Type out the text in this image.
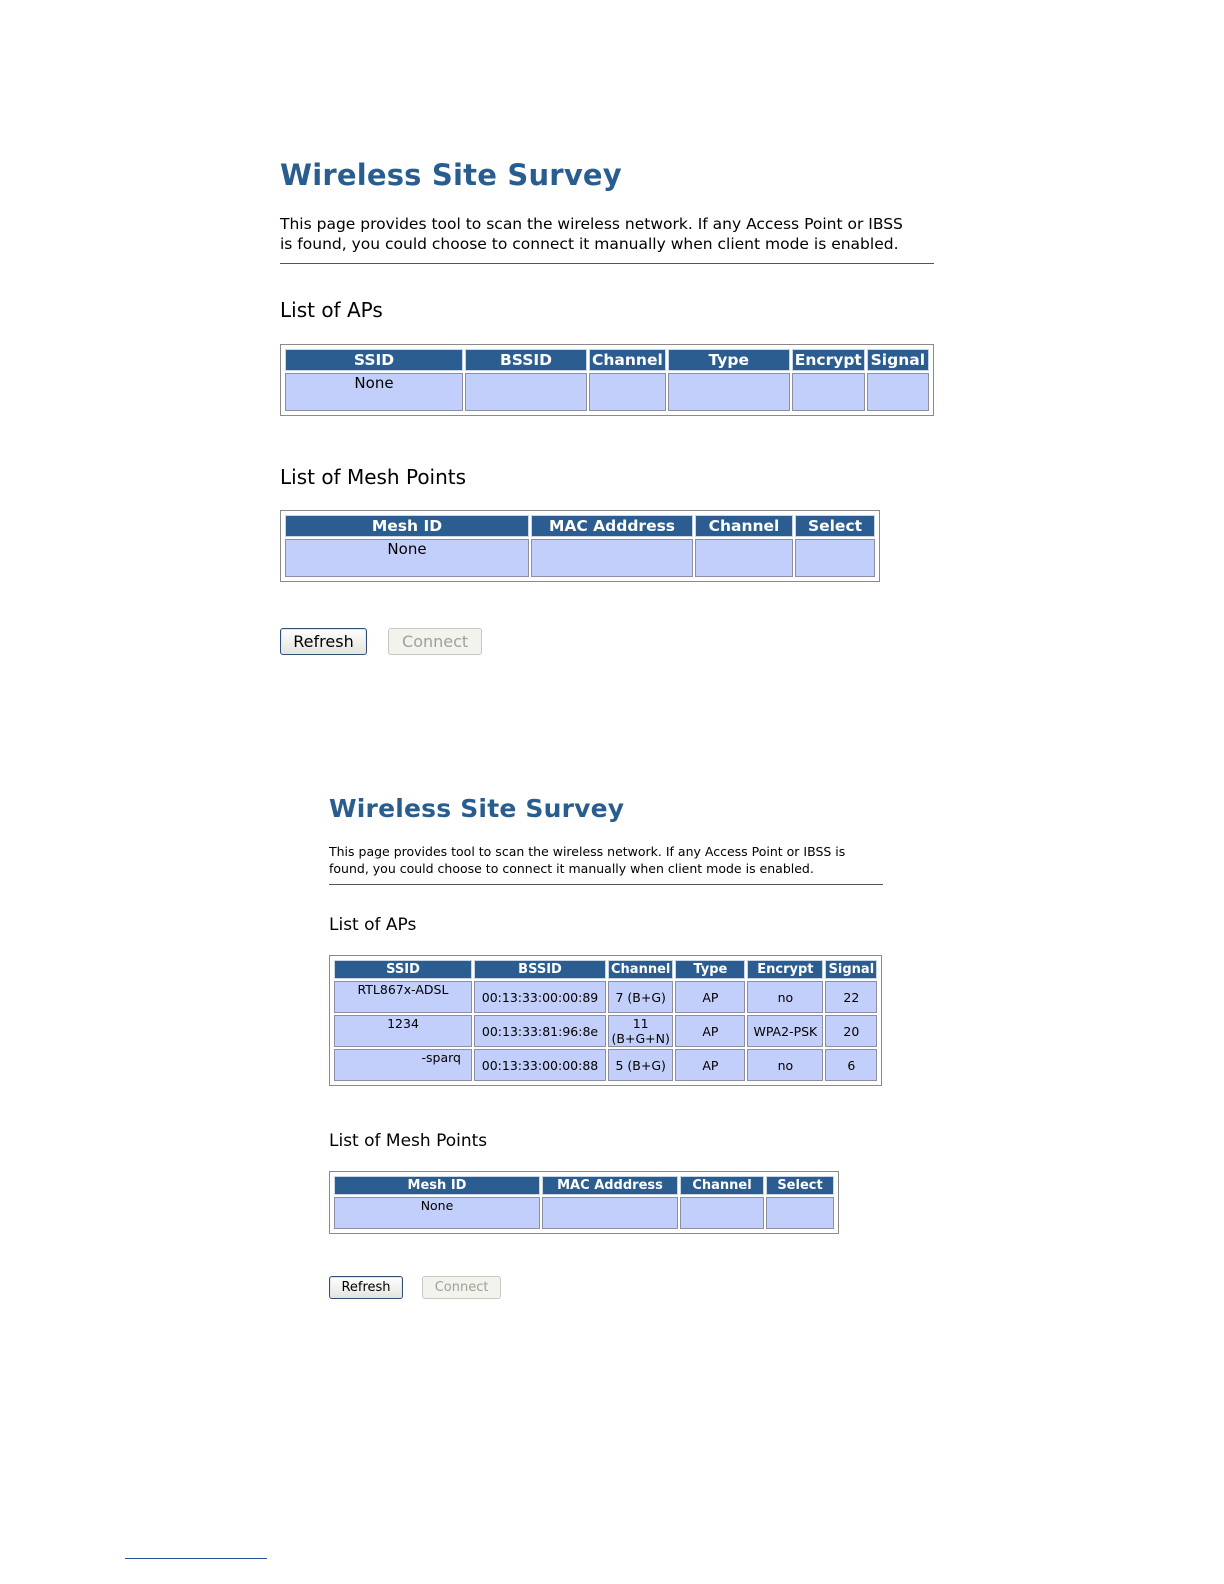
Wireless Site Survey

This page provides tool to scan the wireless network. If any Access Point or IBSS is found, you could choose to connect it manually when client mode is enabled.

List of APs
SSID	BSSID	Channel	Type	Encrypt	Signal
None					
List of Mesh Points
Mesh ID	MAC Adddress	Channel	Select
None			
Refresh	Connect
Wireless Site Survey

This page provides tool to scan the wireless network. If any Access Point or IBSS is found, you could choose to connect it manually when client mode is enabled.

List of APs
SSID	BSSID	Channel	Type	Encrypt	Signal
RTL867x-ADSL	00:13:33:00:00:89	7 (B+G)	AP	no	22
1234	00:13:33:81:96:8e	11 (B+G+N)	AP	WPA2-PSK	20
-sparq	00:13:33:00:00:88	5 (B+G)	AP	no	6
List of Mesh Points
Mesh ID	MAC Adddress	Channel	Select
None			
Refresh	Connect
